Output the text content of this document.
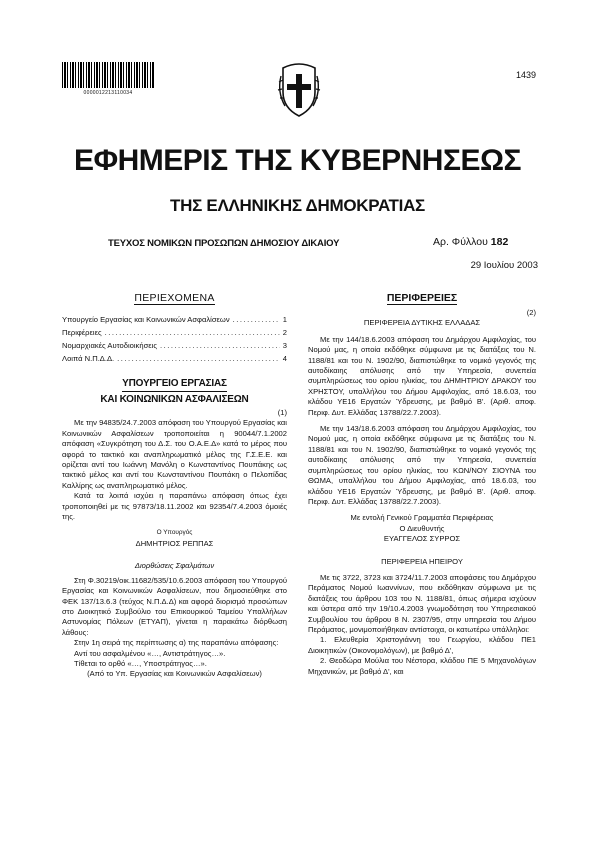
0000012213110034
1439
ΕΦΗΜΕΡΙΣ ΤΗΣ ΚΥΒΕΡΝΗΣΕΩΣ
ΤΗΣ ΕΛΛΗΝΙΚΗΣ ΔΗΜΟΚΡΑΤΙΑΣ
ΤΕΥΧΟΣ ΝΟΜΙΚΩΝ ΠΡΟΣΩΠΩΝ ΔΗΜΟΣΙΟΥ ΔΙΚΑΙΟΥ	Αρ. Φύλλου 182
29 Ιουλίου 2003
ΠΕΡΙΕΧΟΜΕΝΑ
Υπουργείο Εργασίας και Κοινωνικών Ασφαλίσεων .....	1
Περιφέρειες .....	2
Νομαρχιακές Αυτοδιοικήσεις .....	3
Λοιπά Ν.Π.Δ.Δ. .....	4
ΥΠΟΥΡΓΕΙΟ ΕΡΓΑΣΙΑΣ
ΚΑΙ ΚΟΙΝΩΝΙΚΩΝ ΑΣΦΑΛΙΣΕΩΝ
(1)

Με την 94835/24.7.2003 απόφαση του Υπουργού Εργασίας και Κοινωνικών Ασφαλίσεων τροποποιείται η 90044/7.1.2002 απόφαση «Συγκρότηση του Δ.Σ. του Ο.Α.Ε.Δ» κατά το μέρος που αφορά το τακτικό και αναπληρωματικό μέλος της Γ.Σ.Ε.Ε. και ορίζεται αντί του Ιωάννη Μανόλη ο Κωνσταντίνος Πουπάκης ως τακτικό μέλος και αντί του Κωνσταντίνου Πουπάκη ο Πελοπίδας Καλλίρης ως αναπληρωματικό μέλος.

Κατά τα λοιπά ισχύει η παραπάνω απόφαση όπως έχει τροποποιηθεί με τις 97873/18.11.2002 και 92354/7.4.2003 όμοιές της.

Ο Υπουργός
ΔΗΜΗΤΡΙΟΣ ΡΕΠΠΑΣ
Διορθώσεις Σφαλμάτων

Στη Φ.30219/οικ.11682/535/10.6.2003 απόφαση του Υπουργού Εργασίας και Κοινωνικών Ασφαλίσεων, που δημοσιεύθηκε στο ΦΕΚ 137/13.6.3 (τεύχος Ν.Π.Δ.Δ) και αφορά διορισμό προσώπων στο Διοικητικό Συμβούλιο του Επικουρικού Ταμείου Υπαλλήλων Αστυνομίας Πόλεων (ΕΤΥΑΠ), γίνεται η παρακάτω διόρθωση λάθους:

Στην 1η σειρά της περίπτωσης α) της παραπάνω απόφασης:

Αντί του ασφαλμένου «…, Αντιστράτηγος…».

Τίθεται το ορθό «…, Υποστράτηγος…».

(Από το Υπ. Εργασίας και Κοινωνικών Ασφαλίσεων)
ΠΕΡΙΦΕΡΕΙΕΣ
(2)
ΠΕΡΙΦΕΡΕΙΑ ΔΥΤΙΚΗΣ ΕΛΛΑΔΑΣ

Με την 144/18.6.2003 απόφαση του Δημάρχου Αμφιλοχίας, του Νομού μας, η οποία εκδόθηκε σύμφωνα με τις διατάξεις του Ν. 1188/81 και του Ν. 1902/90, διαπιστώθηκε το νομικό γεγονός της αυτοδίκαιης απόλυσης από την Υπηρεσία, συνεπεία συμπληρώσεως του ορίου ηλικίας, του ΔΗΜΗΤΡΙΟΥ ΔΡΑΚΟΥ του ΧΡΗΣΤΟΥ, υπαλλήλου του Δήμου Αμφιλοχίας, από 18.6.03, του κλάδου ΥΕ16 Εργατών Ύδρευσης, με βαθμό Β'. (Αριθ. αποφ. Περιφ. Δυτ. Ελλάδας 13788/22.7.2003).

Με την 143/18.6.2003 απόφαση του Δημάρχου Αμφιλοχίας, του Νομού μας, η οποία εκδόθηκε σύμφωνα με τις διατάξεις του Ν. 1188/81 και του Ν. 1902/90, διαπιστώθηκε το νομικό γεγονός της αυτοδίκαιης απόλυσης από την Υπηρεσία, συνεπεία συμπληρώσεως του ορίου ηλικίας, του ΚΩΝ/ΝΟΥ ΣΙΟΥΝΑ του ΘΩΜΑ, υπαλλήλου του Δήμου Αμφιλοχίας, από 18.6.03, του κλάδου ΥΕ16 Εργατών Ύδρευσης, με βαθμό Β'. (Αριθ. αποφ. Περιφ. Δυτ. Ελλάδας 13788/22.7.2003).

Με εντολή Γενικού Γραμματέα Περιφέρειας
Ο Διευθυντής
ΕΥΑΓΓΕΛΟΣ ΣΥΡΡΟΣ
ΠΕΡΙΦΕΡΕΙΑ ΗΠΕΙΡΟΥ

Με τις 3722, 3723 και 3724/11.7.2003 αποφάσεις του Δημάρχου Περάματος Νομού Ιωαννίνων, που εκδόθηκαν σύμφωνα με τις διατάξεις του άρθρου 103 του Ν. 1188/81, όπως σήμερα ισχύουν και ύστερα από την 19/10.4.2003 γνωμοδότηση του Υπηρεσιακού Συμβουλίου του άρθρου 8 Ν. 2307/95, στην υπηρεσία του Δήμου Περάματος, μονιμοποιήθηκαν αντίστοιχα, οι κατωτέρω υπάλληλοι:

1. Ελευθερία Χριστογιάννη του Γεωργίου, κλάδου ΠΕ1 Διοικητικών (Οικονομολόγων), με βαθμό Δ',

2. Θεοδώρα Μούλια του Νέστορα, κλάδου ΠΕ 5 Μηχανολόγων Μηχανικών, με βαθμό Δ', και
